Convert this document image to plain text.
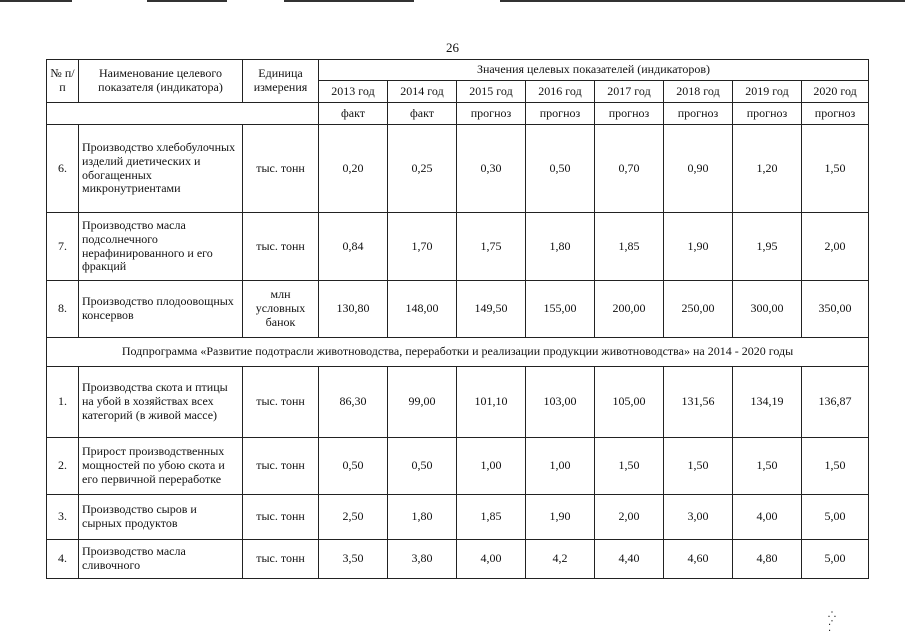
26
№ п/п	Наименование целевого показателя (индикатора)	Единица измерения	Значения целевых показателей (индикаторов)							
			2013 год	2014 год	2015 год	2016 год	2017 год	2018 год	2019 год	2020 год
			факт	факт	прогноз	прогноз	прогноз	прогноз	прогноз	прогноз
6.	Производство хлебобулочных изделий диетических и обогащенных микронутриентами	тыс. тонн	0,20	0,25	0,30	0,50	0,70	0,90	1,20	1,50
7.	Производство масла подсолнечного нерафинированного и его фракций	тыс. тонн	0,84	1,70	1,75	1,80	1,85	1,90	1,95	2,00
8.	Производство плодоовощных консервов	млн условных банок	130,80	148,00	149,50	155,00	200,00	250,00	300,00	350,00
Подпрограмма «Развитие подотрасли животноводства, переработки и реализации продукции животноводства» на 2014 - 2020 годы										
1.	Производства скота и птицы на убой в хозяйствах всех категорий (в живой массе)	тыс. тонн	86,30	99,00	101,10	103,00	105,00	131,56	134,19	136,87
2.	Прирост производственных мощностей по убою скота и его первичной переработке	тыс. тонн	0,50	0,50	1,00	1,00	1,50	1,50	1,50	1,50
3.	Производство сыров и сырных продуктов	тыс. тонн	2,50	1,80	1,85	1,90	2,00	3,00	4,00	5,00
4.	Производство масла сливочного	тыс. тонн	3,50	3,80	4,00	4,2	4,40	4,60	4,80	5,00
⁛ ⁚
